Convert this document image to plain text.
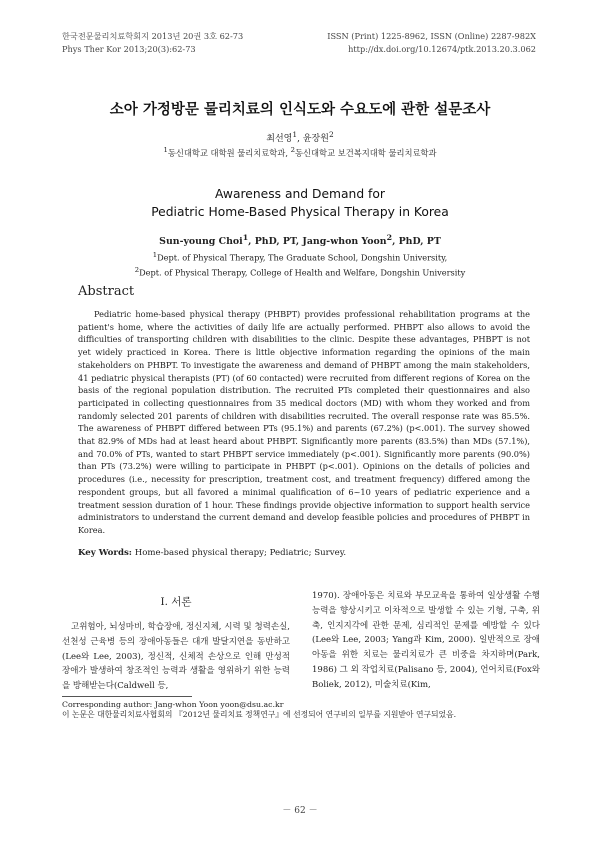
한국전문물리치료학회지 2013년 20권 3호 62-73
Phys Ther Kor 2013;20(3):62-73
ISSN (Print) 1225-8962, ISSN (Online) 2287-982X
http://dx.doi.org/10.12674/ptk.2013.20.3.062
소아 가정방문 물리치료의 인식도와 수요도에 관한 설문조사
최선영$^1$, 윤장원$^2$
$^1$동신대학교 대학원 물리치료학과, $^2$동신대학교 보건복지대학 물리치료학과
Awareness and Demand for
Pediatric Home-Based Physical Therapy in Korea
Sun-young Choi$^1$, PhD, PT, Jang-whon Yoon$^2$, PhD, PT
$^1$Dept. of Physical Therapy, The Graduate School, Dongshin University,
$^2$Dept. of Physical Therapy, College of Health and Welfare, Dongshin University
Abstract

Pediatric home-based physical therapy (PHBPT) provides professional rehabilitation programs at the patient's home, where the activities of daily life are actually performed. PHBPT also allows to avoid the difficulties of transporting children with disabilities to the clinic. Despite these advantages, PHBPT is not yet widely practiced in Korea. There is little objective information regarding the opinions of the main stakeholders on PHBPT. To investigate the awareness and demand of PHBPT among the main stakeholders, 41 pediatric physical therapists (PT) (of 60 contacted) were recruited from different regions of Korea on the basis of the regional population distribution. The recruited PTs completed their questionnaires and also participated in collecting questionnaires from 35 medical doctors (MD) with whom they worked and from randomly selected 201 parents of children with disabilities recruited. The overall response rate was 85.5%. The awareness of PHBPT differed between PTs (95.1%) and parents (67.2%) (p<.001). The survey showed that 82.9% of MDs had at least heard about PHBPT. Significantly more parents (83.5%) than MDs (57.1%), and 70.0% of PTs, wanted to start PHBPT service immediately (p<.001). Significantly more parents (90.0%) than PTs (73.2%) were willing to participate in PHBPT (p<.001). Opinions on the details of policies and procedures (i.e., necessity for prescription, treatment cost, and treatment frequency) differed among the respondent groups, but all favored a minimal qualification of 6~10 years of pediatric experience and a treatment session duration of 1 hour. These findings provide objective information to support health service administrators to understand the current demand and develop feasible policies and procedures of PHBPT in Korea.

Key Words: Home-based physical therapy; Pediatric; Survey.
Ⅰ. 서론

고위험아, 뇌성마비, 학습장애, 정신지체, 시력 및 청력손실, 선천성 근육병 등의 장애아동들은 대개 발달지연을 동반하고(Lee와 Lee, 2003), 정신적, 신체적 손상으로 인해 만성적 장애가 발생하여 창조적인 능력과 생활을 영위하기 위한 능력을 방해받는다(Caldwell 등,

1970). 장애아동은 치료와 부모교육을 통하여 일상생활 수행능력을 향상시키고 이차적으로 발생할 수 있는 기형, 구축, 위축, 인지지각에 관한 문제, 심리적인 문제를 예방할 수 있다(Lee와 Lee, 2003; Yang과 Kim, 2000). 일반적으로 장애아동을 위한 치료는 물리치료가 큰 비중을 차지하며(Park, 1986) 그 외 작업치료(Palisano 등, 2004), 언어치료(Fox와 Boliek, 2012), 미술치료(Kim,

Corresponding author: Jang-whon Yoon yoon@dsu.ac.kr
이 논문은 대한물리치료사협회의 『2012년 물리치료 정책연구』에 선정되어 연구비의 일부를 지원받아 연구되었음.
－ 62 －
